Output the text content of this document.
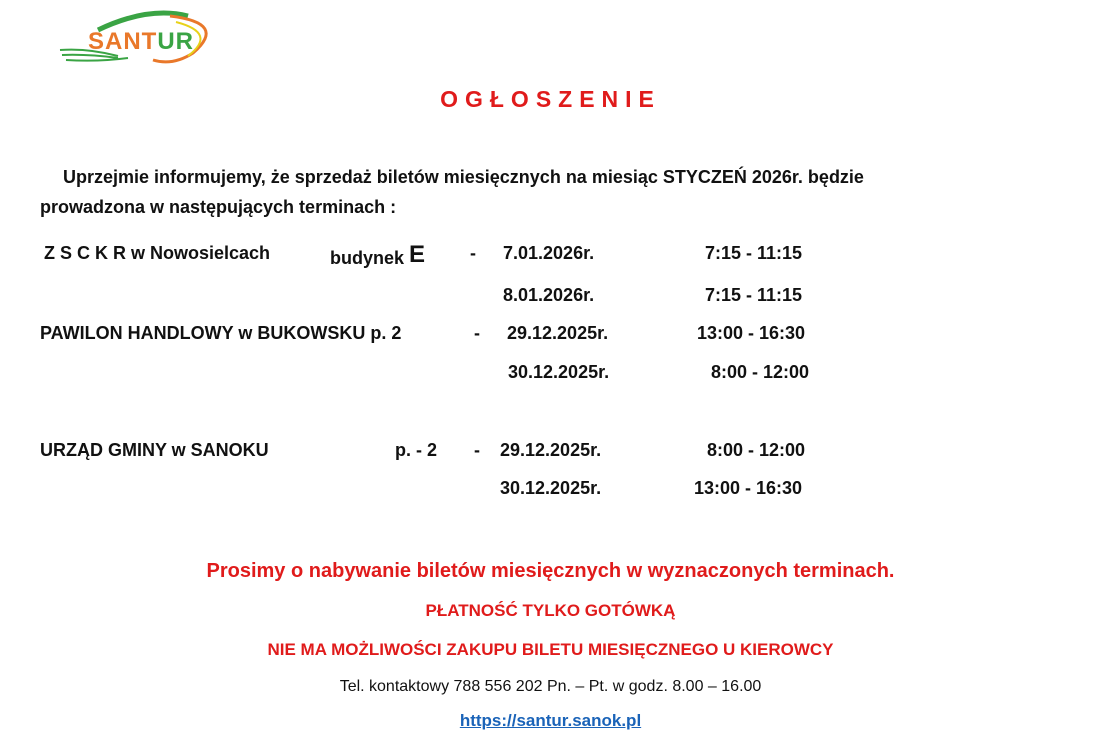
SANTUR
OGŁOSZENIE
Uprzejmie informujemy, że sprzedaż biletów miesięcznych na miesiąc STYCZEŃ 2026r. będzie
prowadzona w następujących terminach :
Z S C K R w Nowosielcach	budynek E - 7.01.2026r.	7:15 - 11:15
8.01.2026r.	7:15 - 11:15
PAWILON HANDLOWY w BUKOWSKU p. 2	- 29.12.2025r.	13:00 - 16:30
30.12.2025r.	8:00 - 12:00
URZĄD GMINY w SANOKU	p. - 2 - 29.12.2025r.	8:00 - 12:00
30.12.2025r.	13:00 - 16:30
Prosimy o nabywanie biletów miesięcznych w wyznaczonych terminach.
PŁATNOŚĆ TYLKO GOTÓWKĄ
NIE MA MOŻLIWOŚCI ZAKUPU BILETU MIESIĘCZNEGO U KIEROWCY
Tel. kontaktowy 788 556 202 Pn. – Pt. w godz. 8.00 – 16.00
https://santur.sanok.pl
